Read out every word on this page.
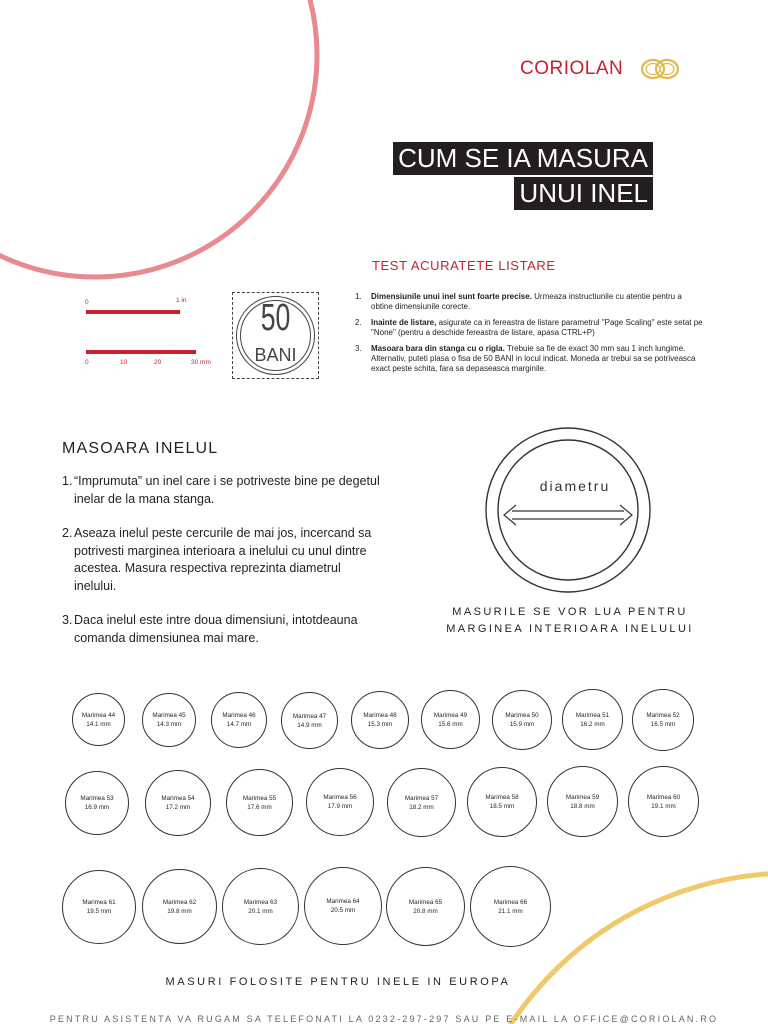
CORIOLAN
CUM SE IA MASURA
UNUI INEL
TEST ACURATETE LISTARE
1. Dimensiunile unui inel sunt foarte precise. Urmeaza instructiunile cu atentie pentru a obtine dimensiunile corecte.
2. Inainte de listare, asigurate ca in fereastra de listare parametrul "Page Scaling" este setat pe "None" (pentru a deschide fereastra de listare, apasa CTRL+P)
3. Masoara bara din stanga cu o rigla. Trebuie sa fie de exact 30 mm sau 1 inch lungime. Alternativ, puteti plasa o fisa de 50 BANI in locul indicat. Moneda ar trebui sa se potriveasca exact peste schita, fara sa depaseasca marginile.
0	1 in
0	10	20	30 mm
50
BANI
MASOARA INELUL
1. “Imprumuta” un inel care i se potriveste bine pe degetul inelar de la mana stanga.
2. Aseaza inelul peste cercurile de mai jos, incercand sa potrivesti marginea interioara a inelului cu unul dintre acestea. Masura respectiva reprezinta diametrul inelului.
3. Daca inelul este intre doua dimensiuni, intotdeauna comanda dimensiunea mai mare.
diametru
MASURILE SE VOR LUA PENTRU
MARGINEA INTERIOARA INELULUI
Marimea 44
14.1 mm
Marimea 45
14.3 mm
Marimea 46
14.7 mm
Marimea 47
14.9 mm
Marimea 48
15.3 mm
Marimea 49
15.6 mm
Marimea 50
15.9 mm
Marimea 51
16.2 mm
Marimea 52
16.5 mm
Marimea 53
16.9 mm
Marimea 54
17.2 mm
Marimea 55
17.6 mm
Marimea 56
17.9 mm
Marimea 57
18.2 mm
Marimea 58
18.5 mm
Marimea 59
18.8 mm
Marimea 60
19.1 mm
Marimea 61
19.5 mm
Marimea 62
19.8 mm
Marimea 63
20.1 mm
Marimea 64
20.5 mm
Marimea 65
20.8 mm
Marimea 66
21.1 mm
MASURI FOLOSITE PENTRU INELE IN EUROPA
PENTRU ASISTENTA VA RUGAM SA TELEFONATI LA 0232-297-297 SAU PE E-MAIL LA OFFICE@CORIOLAN.RO
